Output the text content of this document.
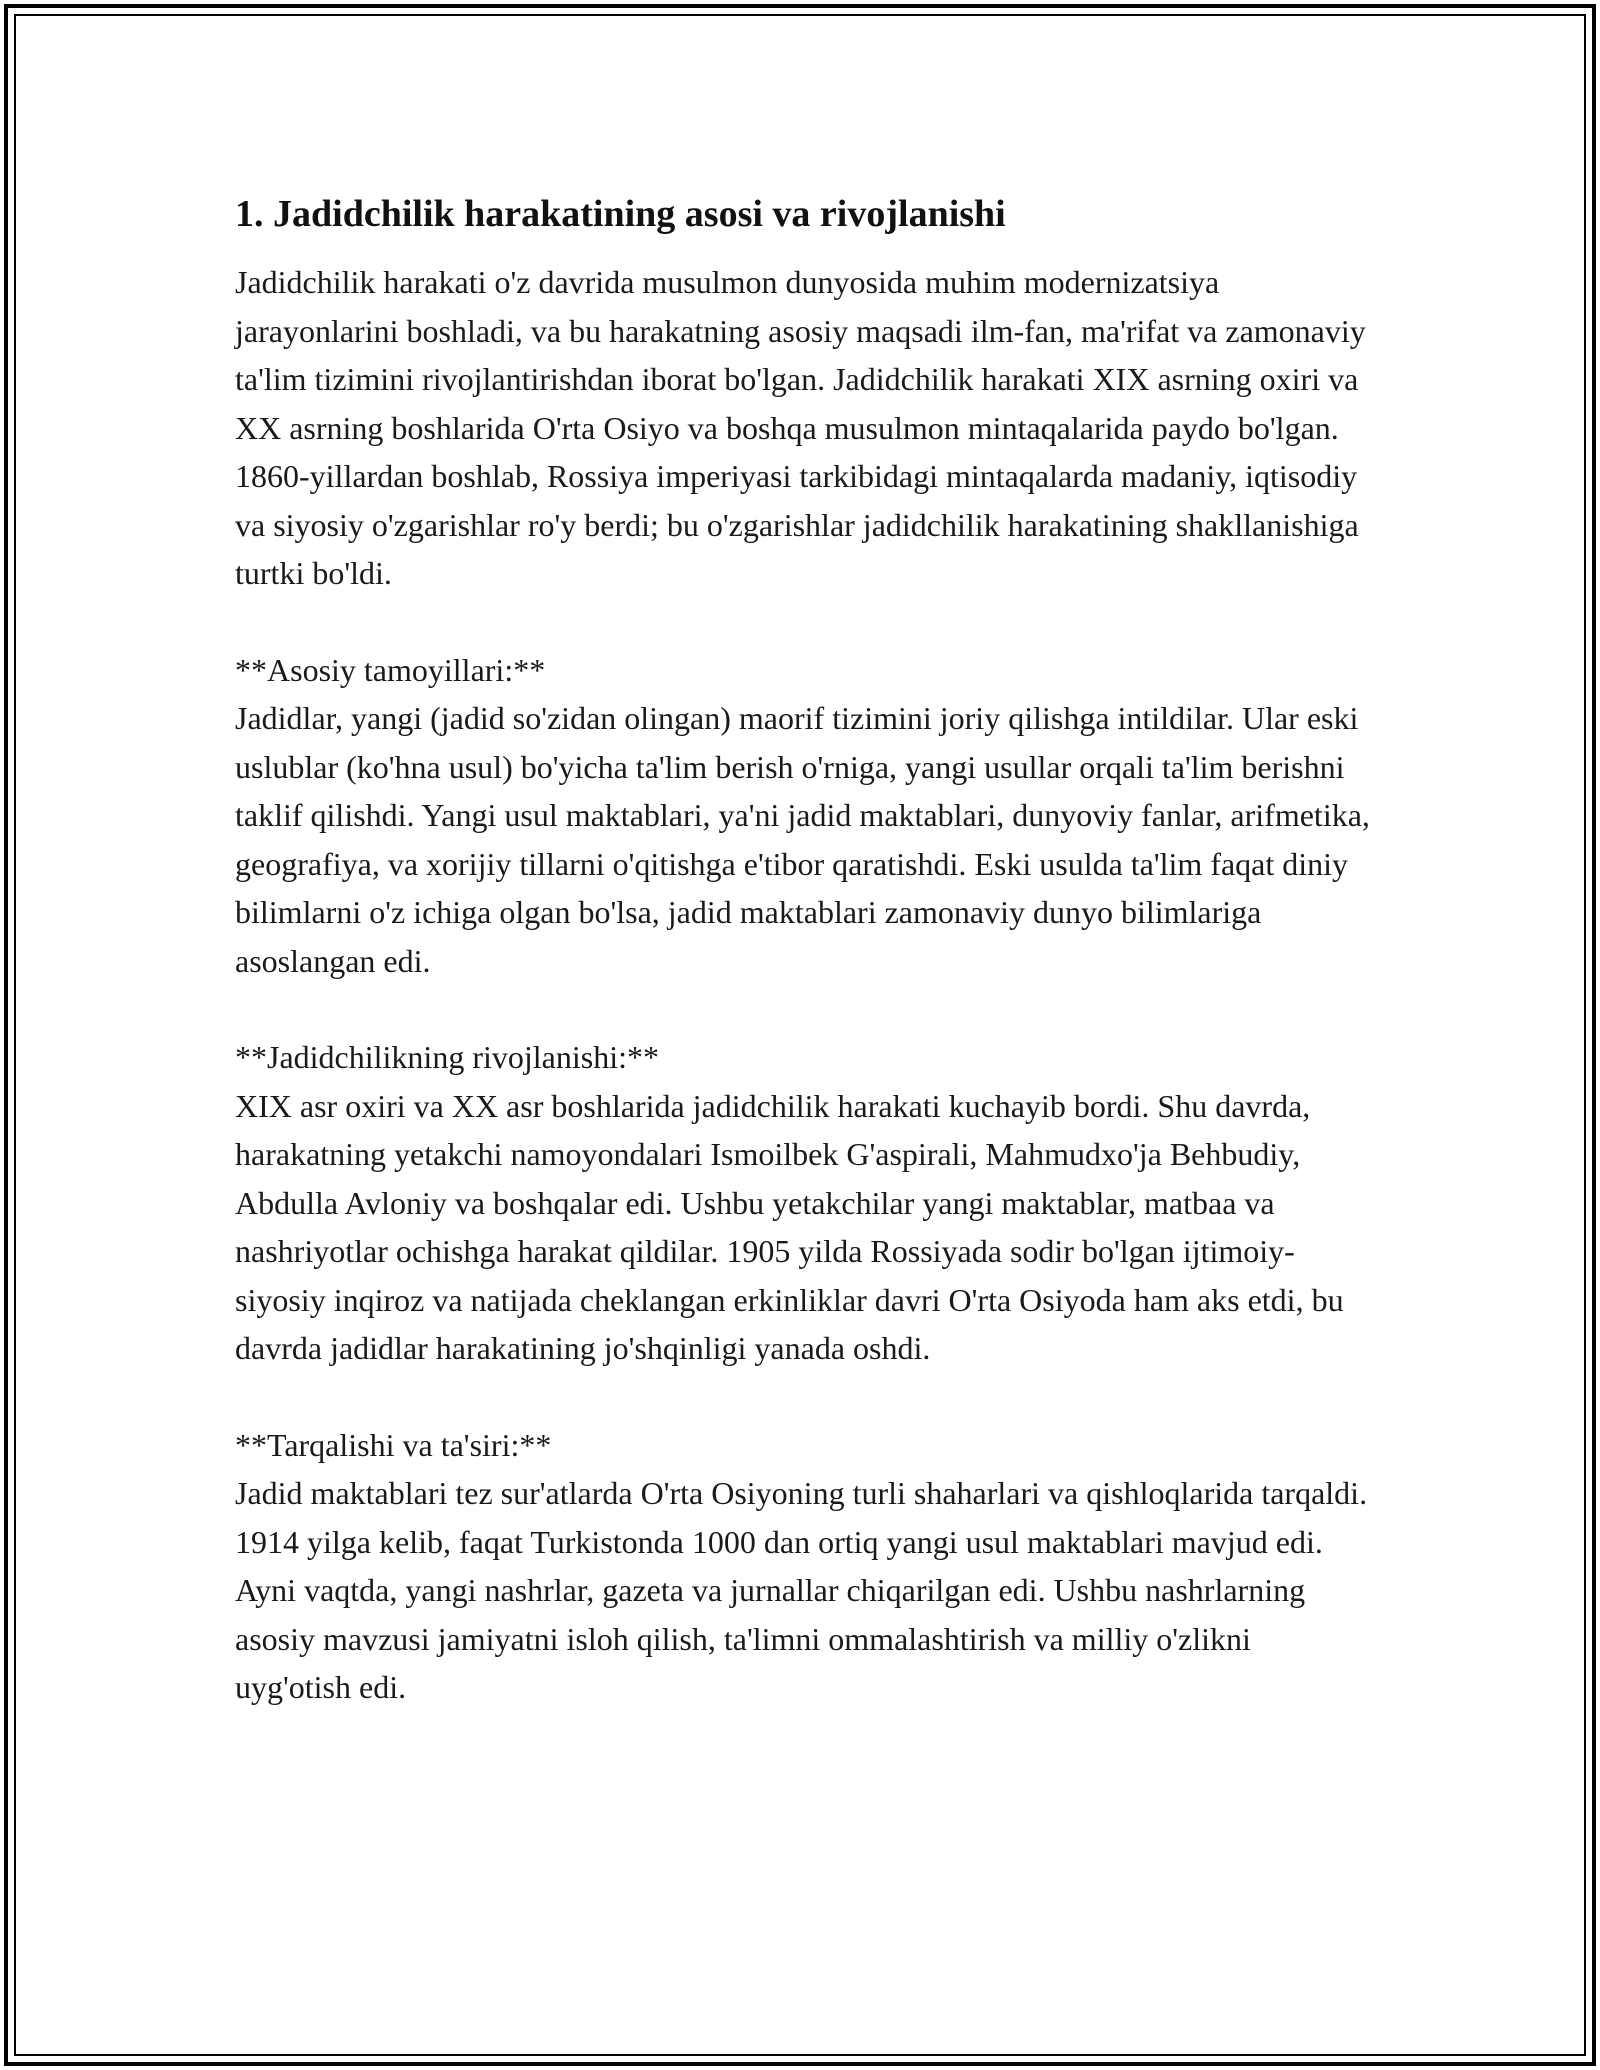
1. Jadidchilik harakatining asosi va rivojlanishi

Jadidchilik harakati o'z davrida musulmon dunyosida muhim modernizatsiya jarayonlarini boshladi, va bu harakatning asosiy maqsadi ilm-fan, ma'rifat va zamonaviy ta'lim tizimini rivojlantirishdan iborat bo'lgan. Jadidchilik harakati XIX asrning oxiri va XX asrning boshlarida O'rta Osiyo va boshqa musulmon mintaqalarida paydo bo'lgan. 1860-yillardan boshlab, Rossiya imperiyasi tarkibidagi mintaqalarda madaniy, iqtisodiy va siyosiy o'zgarishlar ro'y berdi; bu o'zgarishlar jadidchilik harakatining shakllanishiga turtki bo'ldi.

**Asosiy tamoyillari:**
Jadidlar, yangi (jadid so'zidan olingan) maorif tizimini joriy qilishga intildilar. Ular eski uslublar (ko'hna usul) bo'yicha ta'lim berish o'rniga, yangi usullar orqali ta'lim berishni taklif qilishdi. Yangi usul maktablari, ya'ni jadid maktablari, dunyoviy fanlar, arifmetika, geografiya, va xorijiy tillarni o'qitishga e'tibor qaratishdi. Eski usulda ta'lim faqat diniy bilimlarni o'z ichiga olgan bo'lsa, jadid maktablari zamonaviy dunyo bilimlariga asoslangan edi.

**Jadidchilikning rivojlanishi:**
XIX asr oxiri va XX asr boshlarida jadidchilik harakati kuchayib bordi. Shu davrda, harakatning yetakchi namoyondalari Ismoilbek G'aspirali, Mahmudxo'ja Behbudiy, Abdulla Avloniy va boshqalar edi. Ushbu yetakchilar yangi maktablar, matbaa va nashriyotlar ochishga harakat qildilar. 1905 yilda Rossiyada sodir bo'lgan ijtimoiy-siyosiy inqiroz va natijada cheklangan erkinliklar davri O'rta Osiyoda ham aks etdi, bu davrda jadidlar harakatining jo'shqinligi yanada oshdi.

**Tarqalishi va ta'siri:**
Jadid maktablari tez sur'atlarda O'rta Osiyoning turli shaharlari va qishloqlarida tarqaldi. 1914 yilga kelib, faqat Turkistonda 1000 dan ortiq yangi usul maktablari mavjud edi. Ayni vaqtda, yangi nashrlar, gazeta va jurnallar chiqarilgan edi. Ushbu nashrlarning asosiy mavzusi jamiyatni isloh qilish, ta'limni ommalashtirish va milliy o'zlikni uyg'otish edi.
